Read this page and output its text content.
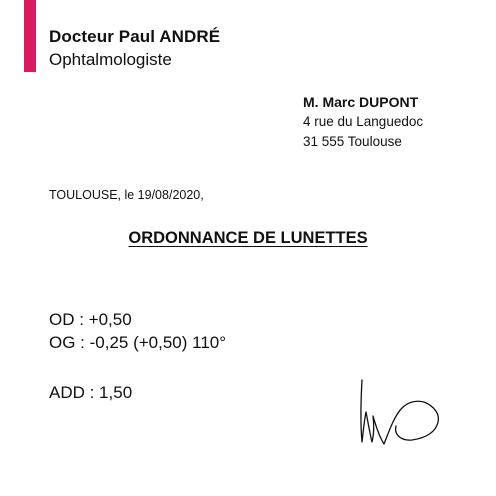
Docteur Paul ANDRÉ
Ophtalmologiste
M. Marc DUPONT
4 rue du Languedoc
31 555 Toulouse
TOULOUSE, le 19/08/2020,
ORDONNANCE DE LUNETTES
OD : +0,50
OG : -0,25 (+0,50) 110°
ADD : 1,50
